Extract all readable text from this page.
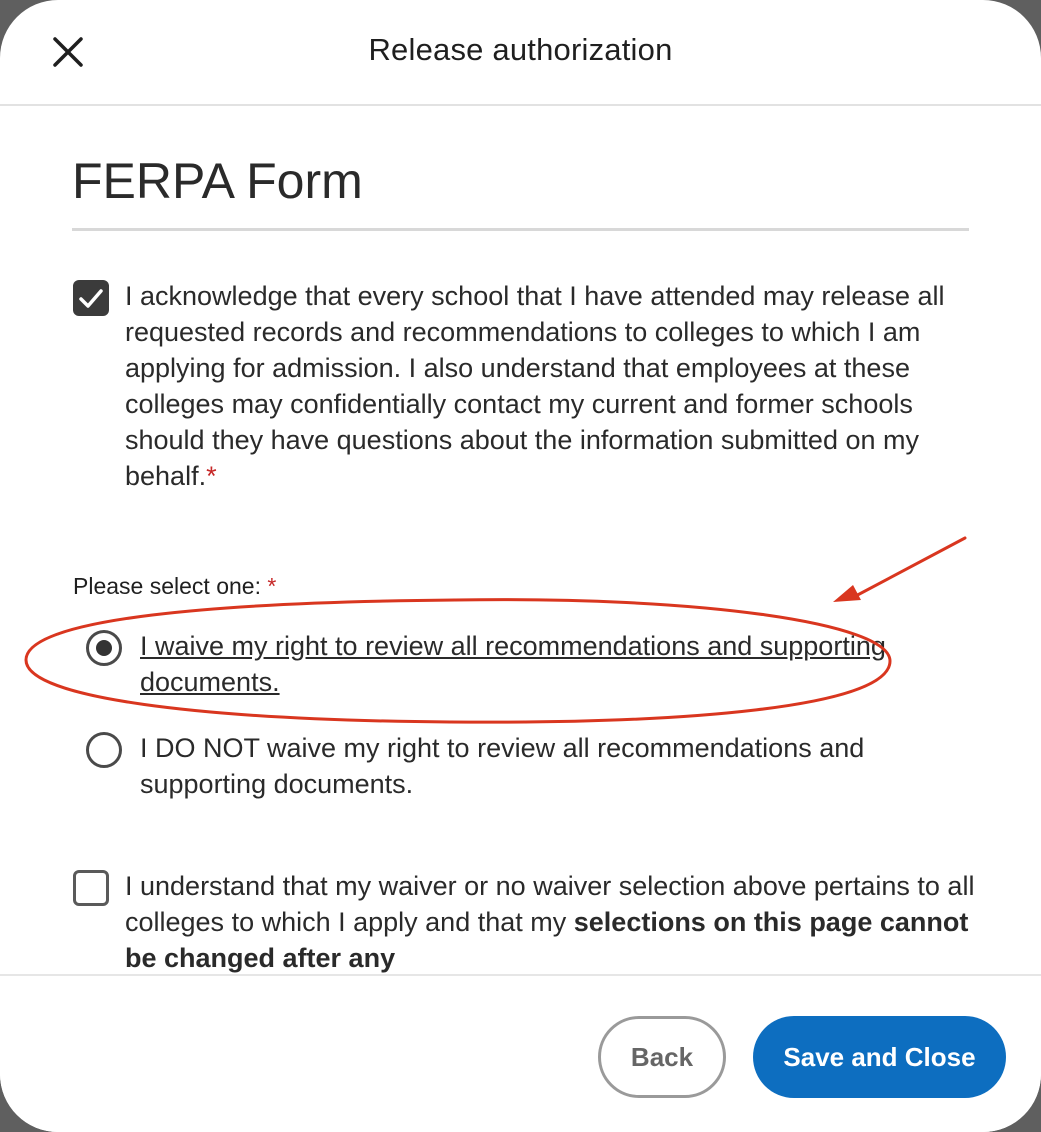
Release authorization
FERPA Form
I acknowledge that every school that I have attended may release all requested records and recommendations to colleges to which I am applying for admission. I also understand that employees at these colleges may confidentially contact my current and former schools should they have questions about the information submitted on my behalf.*
Please select one: *
I waive my right to review all recommendations and supporting documents.
I DO NOT waive my right to review all recommendations and supporting documents.
I understand that my waiver or no waiver selection above pertains to all colleges to which I apply and that my selections on this page cannot be changed after any
Back	Save and Close
